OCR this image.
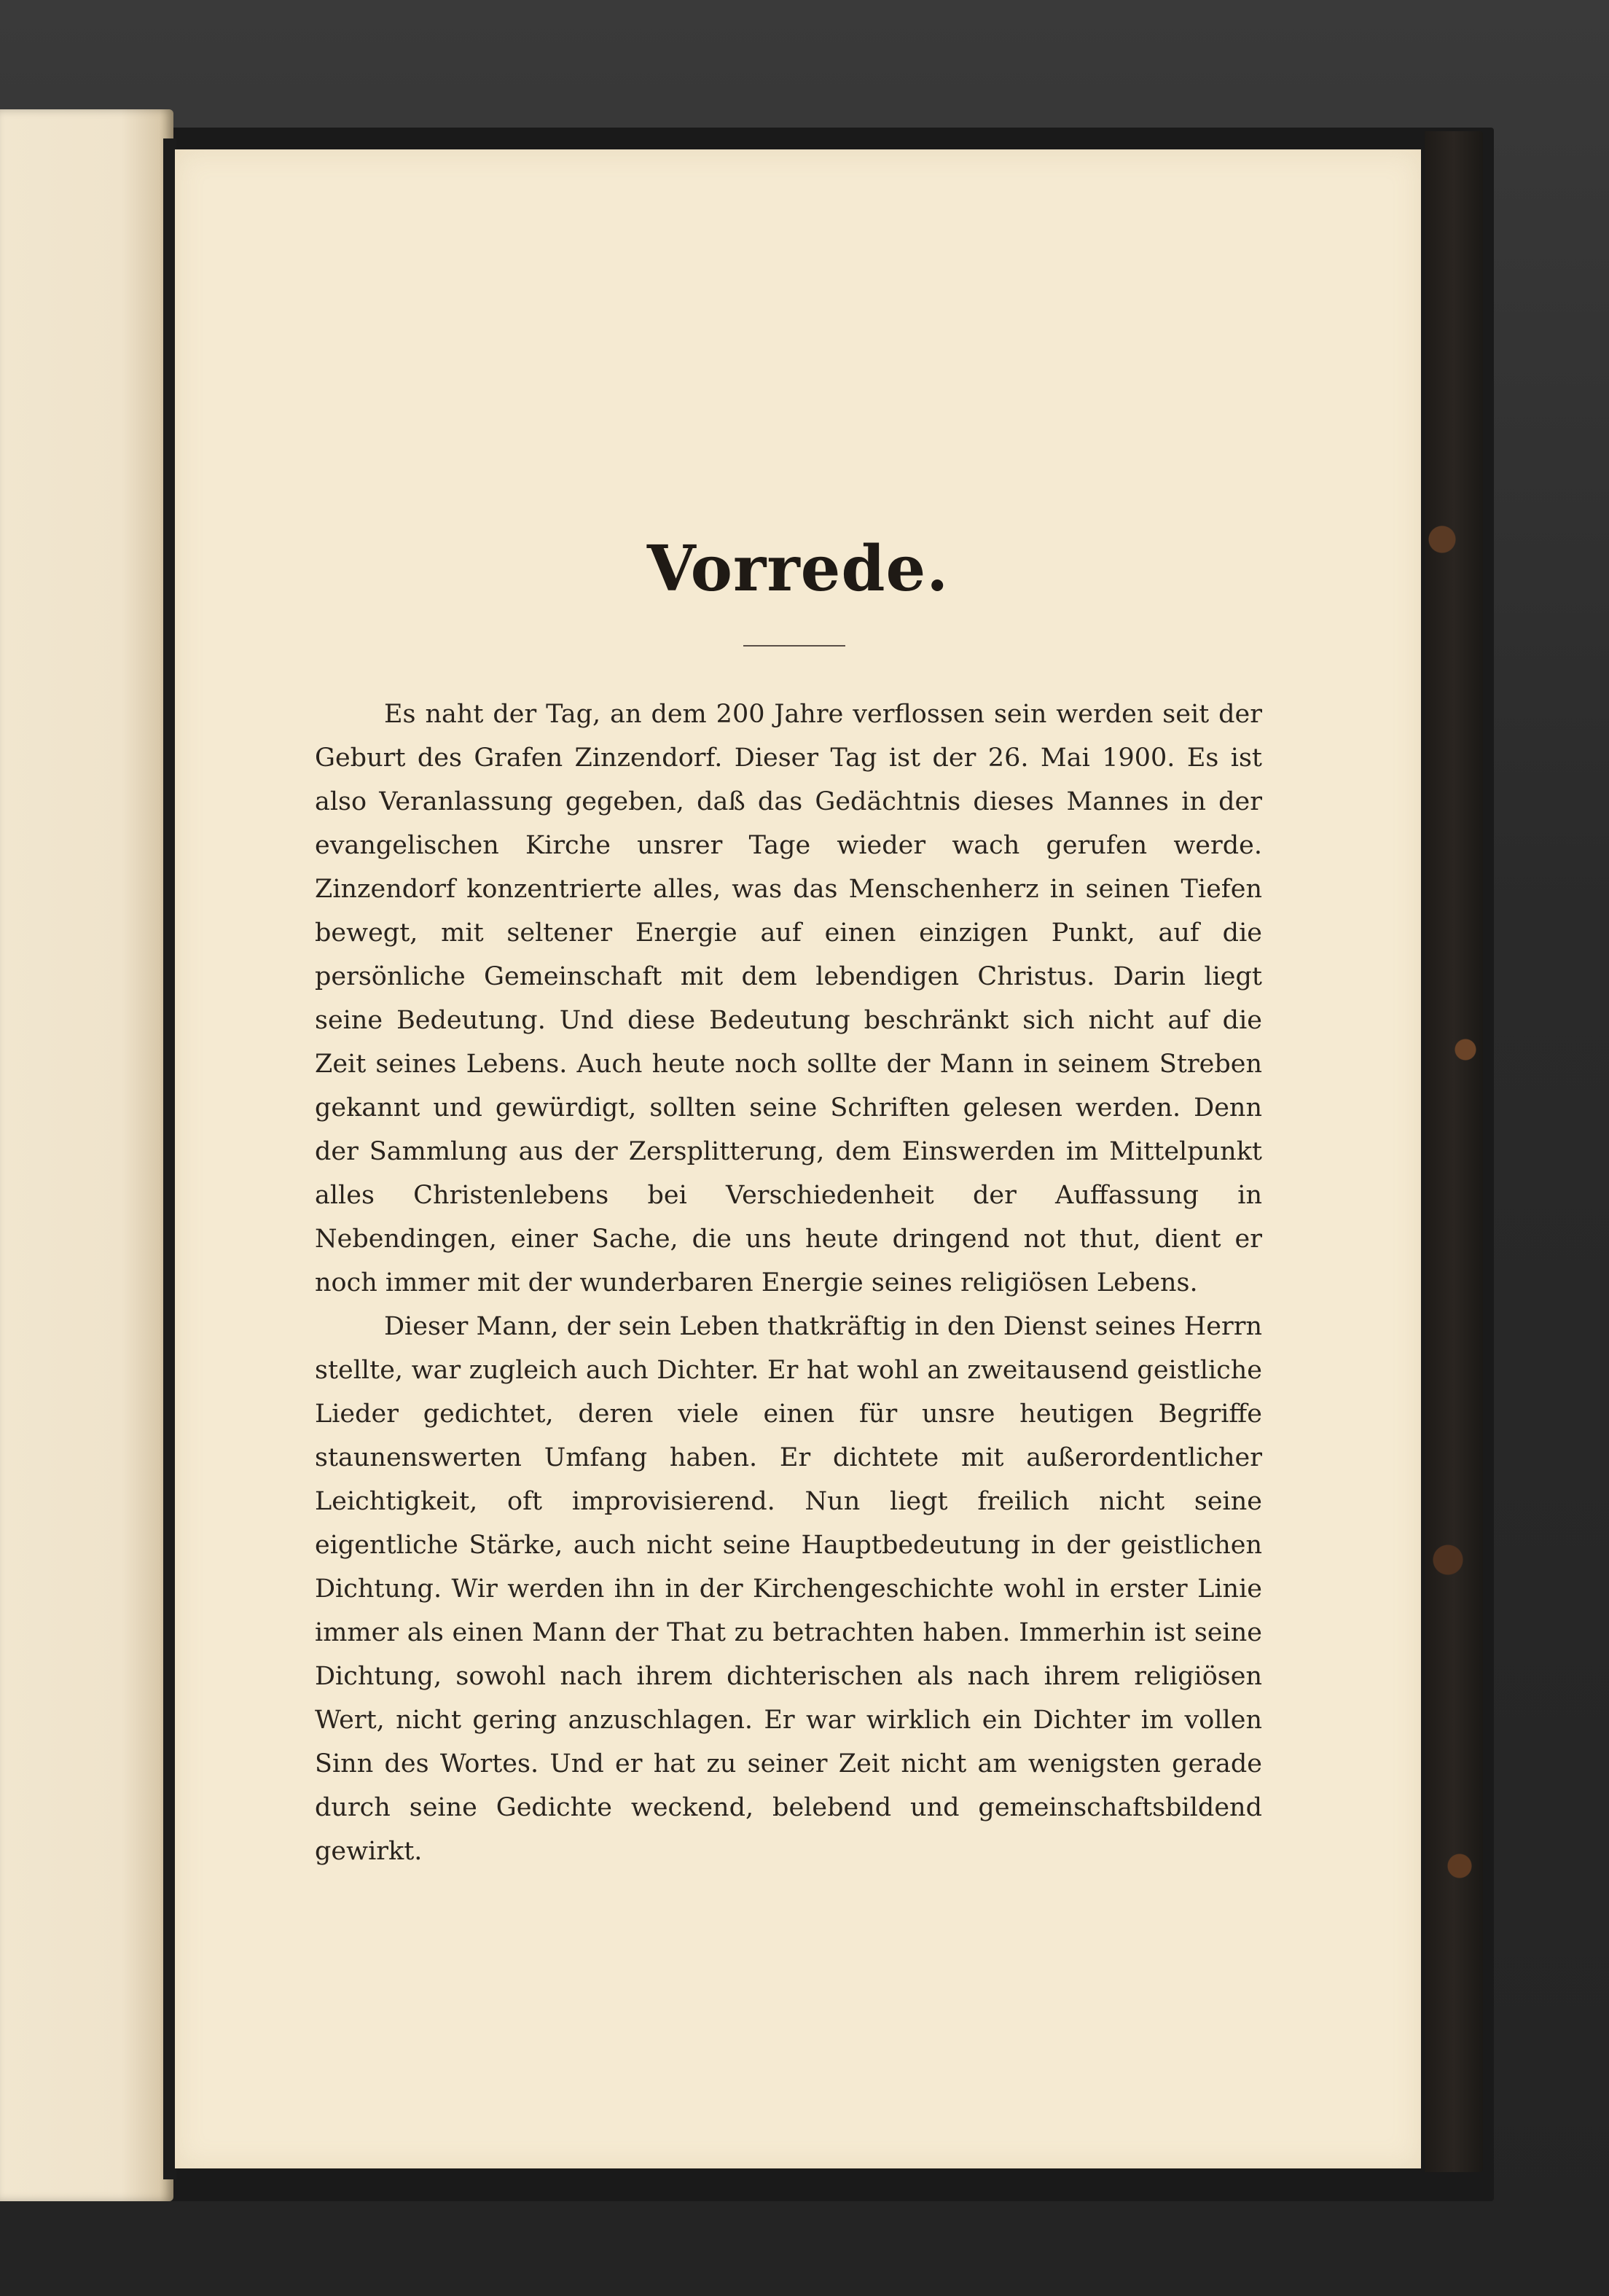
Vorrede.

Es naht der Tag, an dem 200 Jahre verflossen sein werden seit der Geburt des Grafen Zinzendorf. Dieser Tag ist der 26. Mai 1900. Es ist also Veranlassung gegeben, daß das Gedächtnis dieses Mannes in der evangelischen Kirche unsrer Tage wieder wach gerufen werde. Zinzendorf konzentrierte alles, was das Menschenherz in seinen Tiefen bewegt, mit seltener Energie auf einen einzigen Punkt, auf die persönliche Gemeinschaft mit dem lebendigen Christus. Darin liegt seine Bedeutung. Und diese Bedeutung beschränkt sich nicht auf die Zeit seines Lebens. Auch heute noch sollte der Mann in seinem Streben gekannt und gewürdigt, sollten seine Schriften gelesen werden. Denn der Sammlung aus der Zersplitterung, dem Einswerden im Mittelpunkt alles Christenlebens bei Verschiedenheit der Auffassung in Nebendingen, einer Sache, die uns heute dringend not thut, dient er noch immer mit der wunderbaren Energie seines religiösen Lebens.

Dieser Mann, der sein Leben thatkräftig in den Dienst seines Herrn stellte, war zugleich auch Dichter. Er hat wohl an zweitausend geistliche Lieder gedichtet, deren viele einen für unsre heutigen Begriffe staunenswerten Umfang haben. Er dichtete mit außerordentlicher Leichtigkeit, oft improvisierend. Nun liegt freilich nicht seine eigentliche Stärke, auch nicht seine Hauptbedeutung in der geistlichen Dichtung. Wir werden ihn in der Kirchengeschichte wohl in erster Linie immer als einen Mann der That zu betrachten haben. Immerhin ist seine Dichtung, sowohl nach ihrem dichterischen als nach ihrem religiösen Wert, nicht gering anzuschlagen. Er war wirklich ein Dichter im vollen Sinn des Wortes. Und er hat zu seiner Zeit nicht am wenigsten gerade durch seine Gedichte weckend, belebend und gemeinschaftsbildend gewirkt.
